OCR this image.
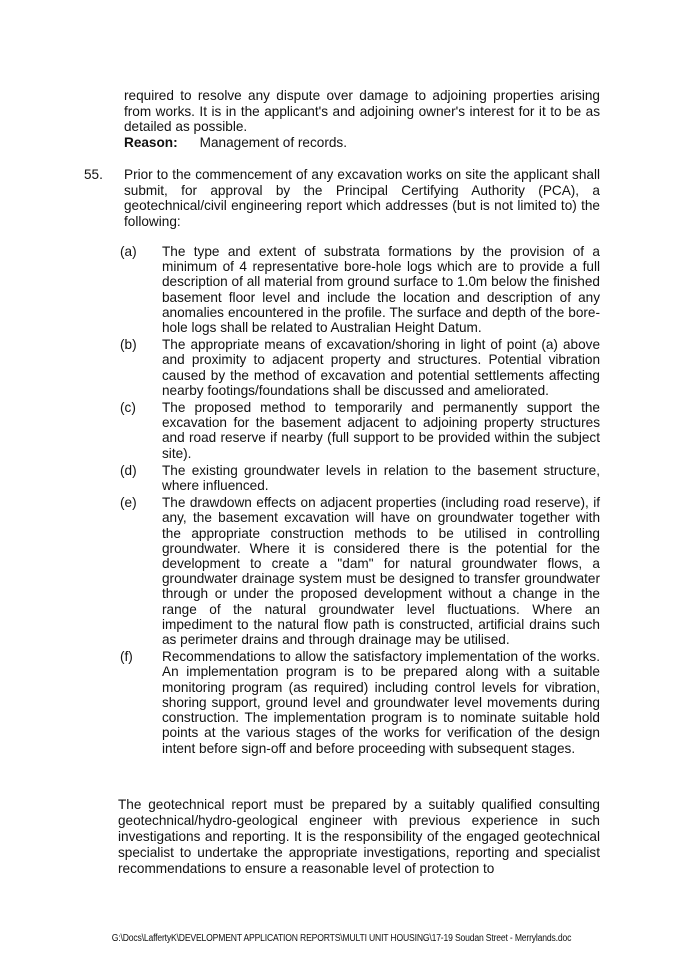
required to resolve any dispute over damage to adjoining properties arising from works. It is in the applicant's and adjoining owner's interest for it to be as detailed as possible.
Reason: Management of records.
55. Prior to the commencement of any excavation works on site the applicant shall submit, for approval by the Principal Certifying Authority (PCA), a geotechnical/civil engineering report which addresses (but is not limited to) the following:
(a)	The type and extent of substrata formations by the provision of a minimum of 4 representative bore-hole logs which are to provide a full description of all material from ground surface to 1.0m below the finished basement floor level and include the location and description of any anomalies encountered in the profile. The surface and depth of the bore-hole logs shall be related to Australian Height Datum.
(b)	The appropriate means of excavation/shoring in light of point (a) above and proximity to adjacent property and structures. Potential vibration caused by the method of excavation and potential settlements affecting nearby footings/foundations shall be discussed and ameliorated.
(c)	The proposed method to temporarily and permanently support the excavation for the basement adjacent to adjoining property structures and road reserve if nearby (full support to be provided within the subject site).
(d)	The existing groundwater levels in relation to the basement structure, where influenced.
(e)	The drawdown effects on adjacent properties (including road reserve), if any, the basement excavation will have on groundwater together with the appropriate construction methods to be utilised in controlling groundwater. Where it is considered there is the potential for the development to create a "dam" for natural groundwater flows, a groundwater drainage system must be designed to transfer groundwater through or under the proposed development without a change in the range of the natural groundwater level fluctuations. Where an impediment to the natural flow path is constructed, artificial drains such as perimeter drains and through drainage may be utilised.
(f)	Recommendations to allow the satisfactory implementation of the works. An implementation program is to be prepared along with a suitable monitoring program (as required) including control levels for vibration, shoring support, ground level and groundwater level movements during construction. The implementation program is to nominate suitable hold points at the various stages of the works for verification of the design intent before sign-off and before proceeding with subsequent stages.
The geotechnical report must be prepared by a suitably qualified consulting geotechnical/hydro-geological engineer with previous experience in such investigations and reporting. It is the responsibility of the engaged geotechnical specialist to undertake the appropriate investigations, reporting and specialist recommendations to ensure a reasonable level of protection to
G:\Docs\LaffertyK\DEVELOPMENT APPLICATION REPORTS\MULTI UNIT HOUSING\17-19 Soudan Street - Merrylands.doc
